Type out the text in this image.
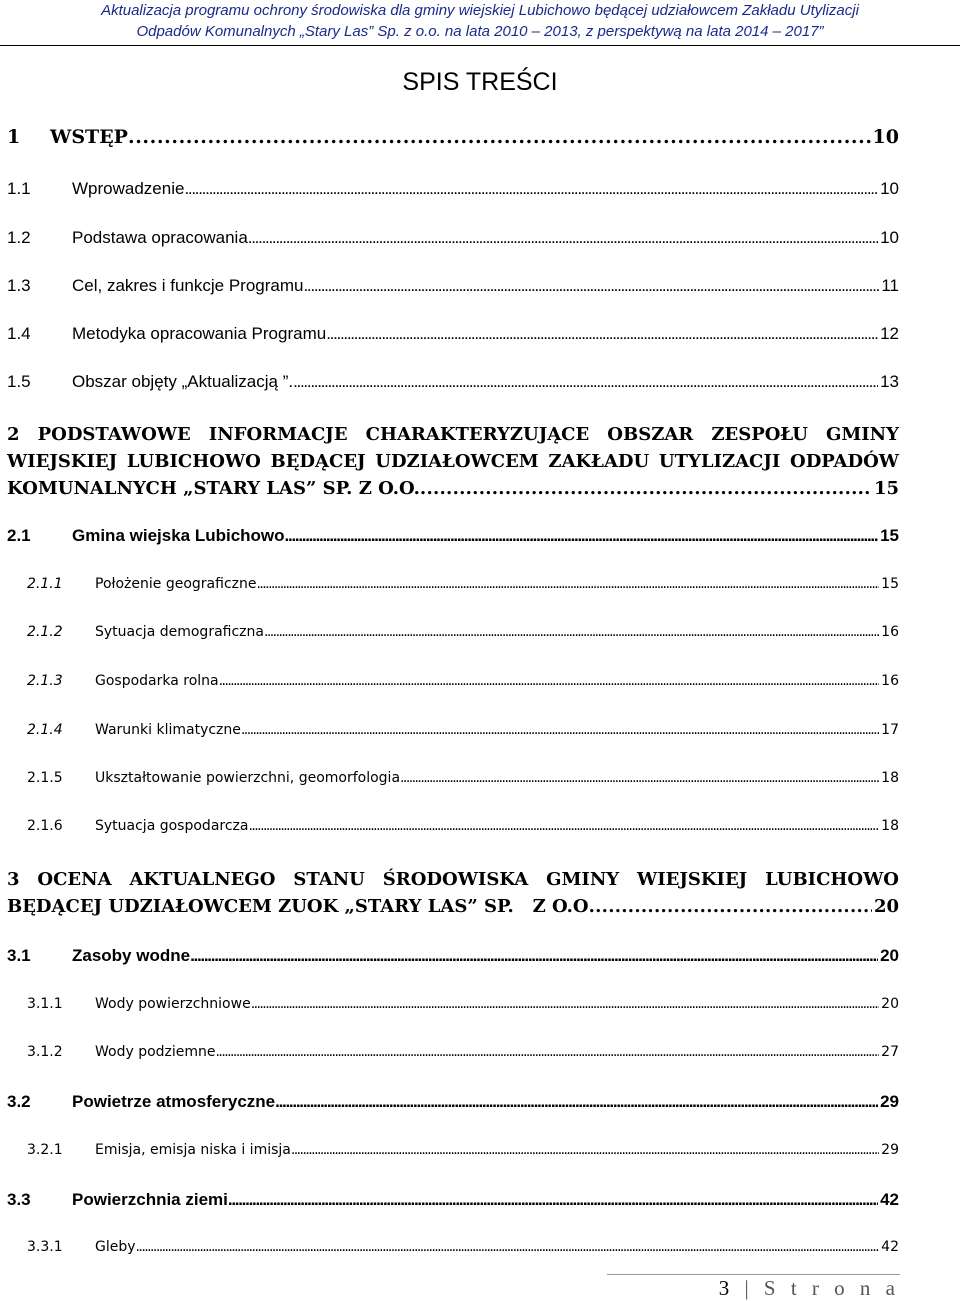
Aktualizacja programu ochrony środowiska dla gminy wiejskiej Lubichowo będącej udziałowcem Zakładu Utylizacji
Odpadów Komunalnych „Stary Las” Sp. z o.o. na lata 2010 – 2013, z perspektywą na lata 2014 – 2017”
SPIS TREŚCI
1	WSTĘP . . .	10
1.1	Wprowadzenie . . .	10
1.2	Podstawa opracowania . . .	10
1.3	Cel, zakres i funkcje Programu . . .	11
1.4	Metodyka opracowania Programu . . .	12
1.5	Obszar objęty „Aktualizacją ”. . . .	13
2 PODSTAWOWE INFORMACJE CHARAKTERYZUJĄCE OBSZAR ZESPOŁU GMINY
WIEJSKIEJ LUBICHOWO BĘDĄCEJ UDZIAŁOWCEM ZAKŁADU UTYLIZACJI ODPADÓW
KOMUNALNYCH „STARY LAS” SP. Z O.O. . . .	15
2.1	Gmina wiejska Lubichowo . . .	15
2.1.1	Położenie geograficzne . . .	15
2.1.2	Sytuacja demograficzna . . .	16
2.1.3	Gospodarka rolna . . .	16
2.1.4	Warunki klimatyczne . . .	17
2.1.5	Ukształtowanie powierzchni, geomorfologia . . .	18
2.1.6	Sytuacja gospodarcza . . .	18
3 OCENA AKTUALNEGO STANU ŚRODOWISKA GMINY WIEJSKIEJ LUBICHOWO
BĘDĄCEJ UDZIAŁOWCEM ZUOK „STARY LAS” SP.   Z O.O . . .	20
3.1	Zasoby wodne . . .	20
3.1.1	Wody powierzchniowe . . .	20
3.1.2	Wody podziemne . . .	27
3.2	Powietrze atmosferyczne . . .	29
3.2.1	Emisja, emisja niska i imisja . . .	29
3.3	Powierzchnia ziemi . . .	42
3.3.1	Gleby . . .	42
3 | S t r o n a
